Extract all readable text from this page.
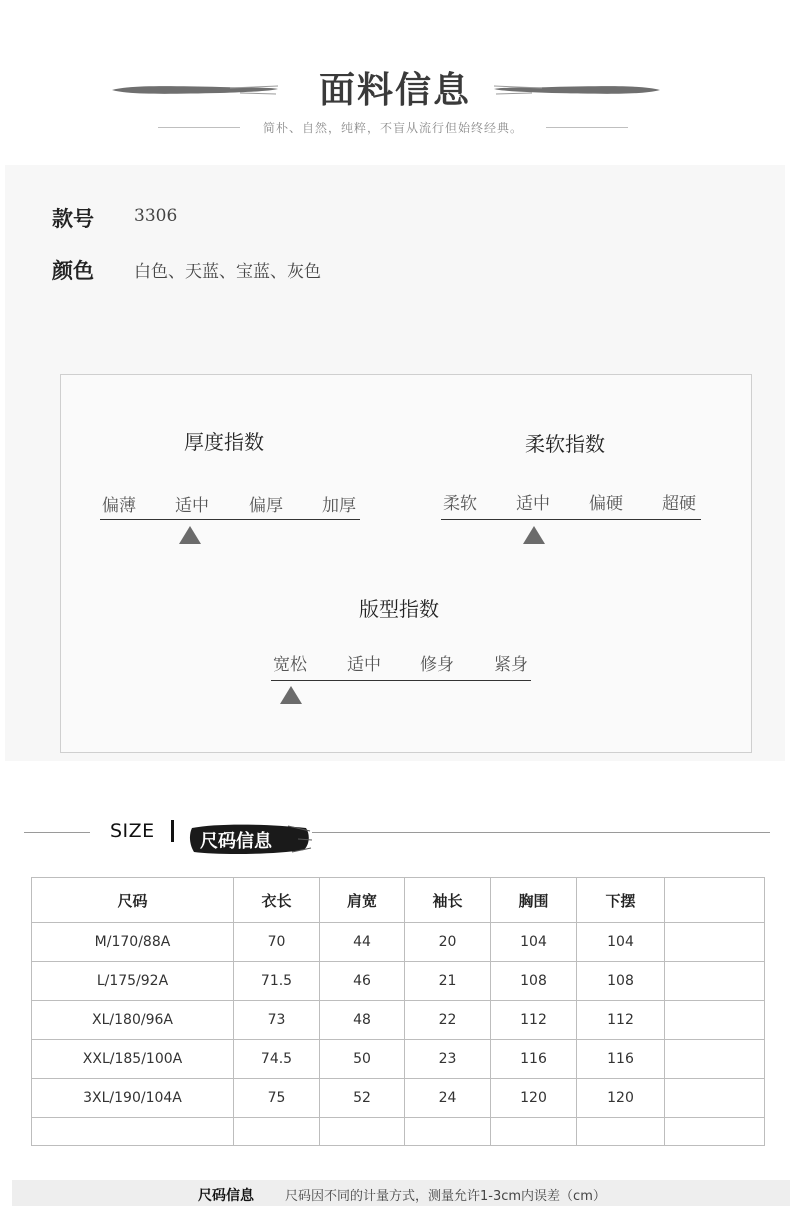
面料信息
简朴、自然，纯粹，不盲从流行但始终经典。
款号 3306
颜色 白色、天蓝、宝蓝、灰色
厚度指数
偏薄 适中 偏厚 加厚
柔软指数
柔软 适中 偏硬 超硬
版型指数
宽松 适中 修身 紧身
SIZE	尺码信息
尺码	衣长	肩宽	袖长	胸围	下摆	
M/170/88A	70	44	20	104	104	
L/175/92A	71.5	46	21	108	108	
XL/180/96A	73	48	22	112	112	
XXL/185/100A	74.5	50	23	116	116	
3XL/190/104A	75	52	24	120	120	

尺码信息 尺码因不同的计量方式，测量允许1-3cm内误差（cm）
